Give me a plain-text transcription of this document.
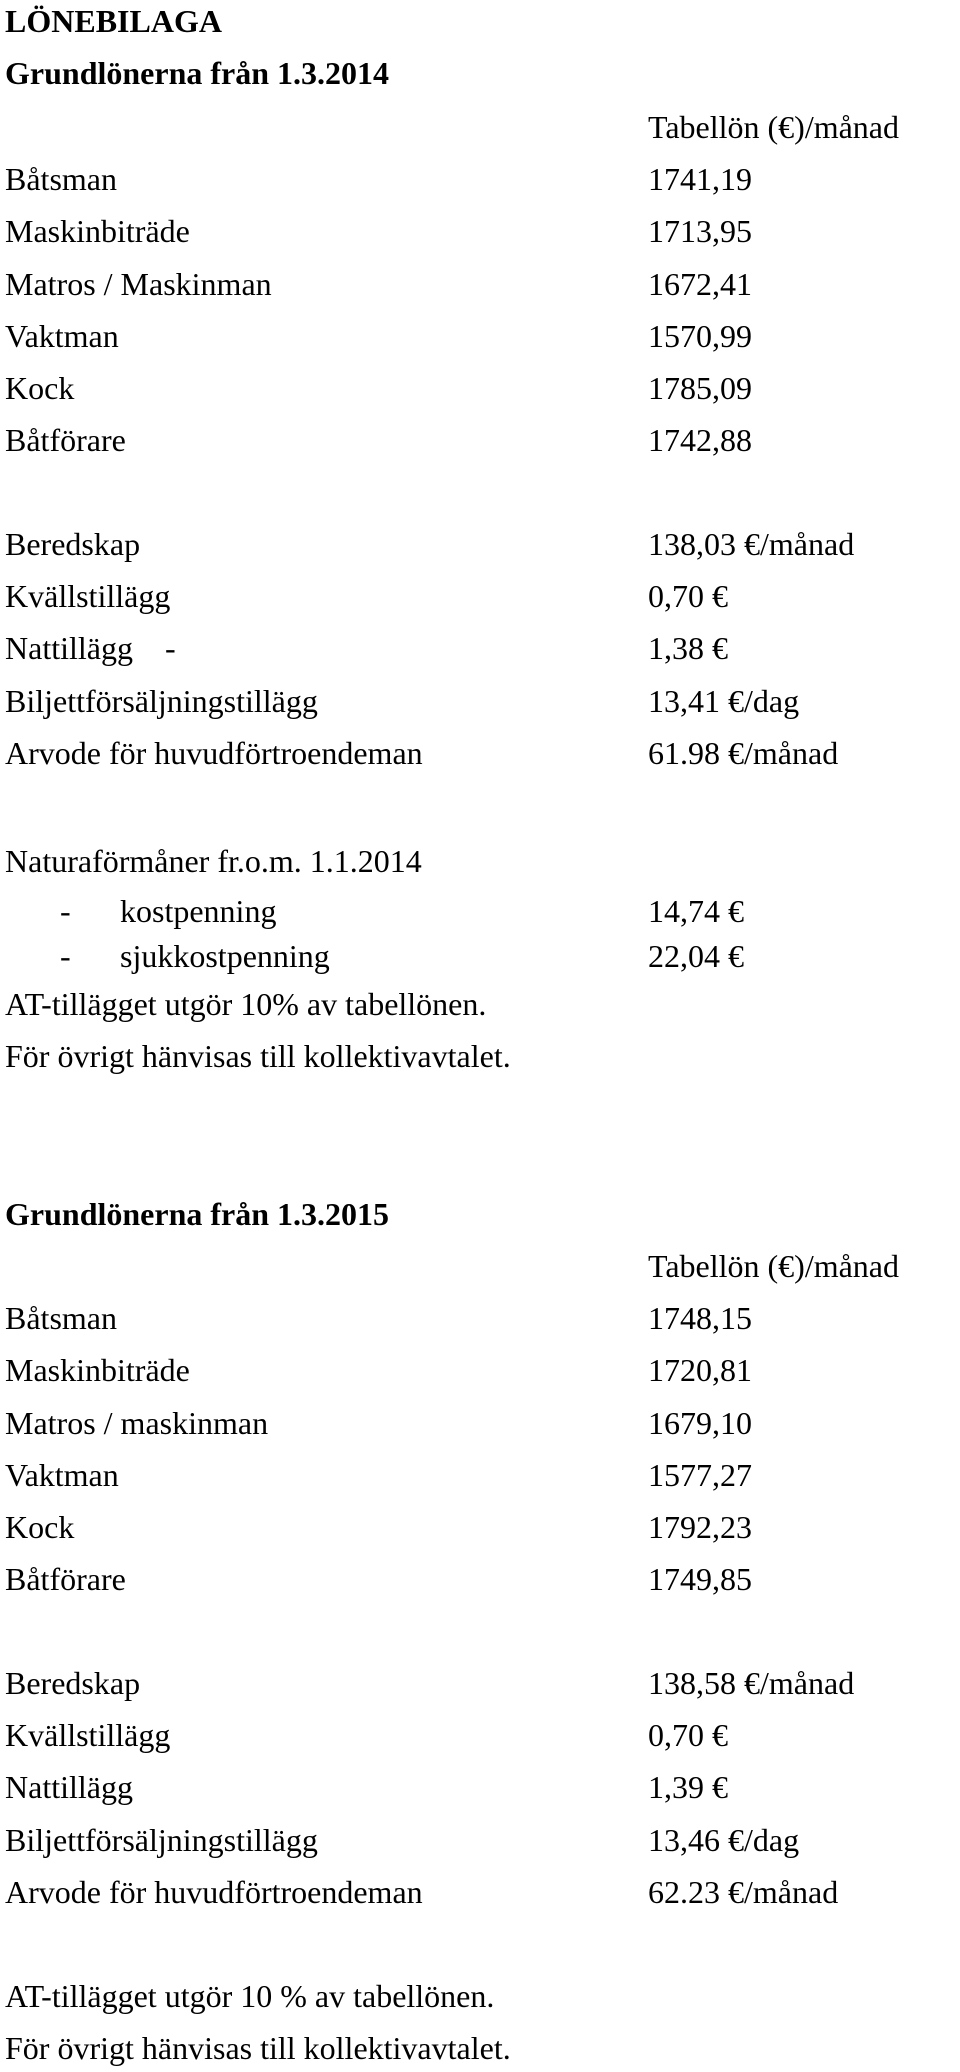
LÖNEBILAGA
Grundlönerna från 1.3.2014
Tabellön (€)/månad
Båtsman	1741,19
Maskinbiträde	1713,95
Matros / Maskinman	1672,41
Vaktman	1570,99
Kock	1785,09
Båtförare	1742,88
Beredskap	138,03 €/månad
Kvällstillägg	0,70 €
Nattillägg    -	1,38 €
Biljettförsäljningstillägg	13,41 €/dag
Arvode för huvudförtroendeman	61.98 €/månad
Naturaförmåner fr.o.m. 1.1.2014
- kostpenning	14,74 €
- sjukkostpenning	22,04 €
AT-tillägget utgör 10% av tabellönen.
För övrigt hänvisas till kollektivavtalet.
Grundlönerna från 1.3.2015
Tabellön (€)/månad
Båtsman	1748,15
Maskinbiträde	1720,81
Matros / maskinman	1679,10
Vaktman	1577,27
Kock	1792,23
Båtförare	1749,85
Beredskap	138,58 €/månad
Kvällstillägg	0,70 €
Nattillägg	1,39 €
Biljettförsäljningstillägg	13,46 €/dag
Arvode för huvudförtroendeman	62.23 €/månad
AT-tillägget utgör 10 % av tabellönen.
För övrigt hänvisas till kollektivavtalet.
